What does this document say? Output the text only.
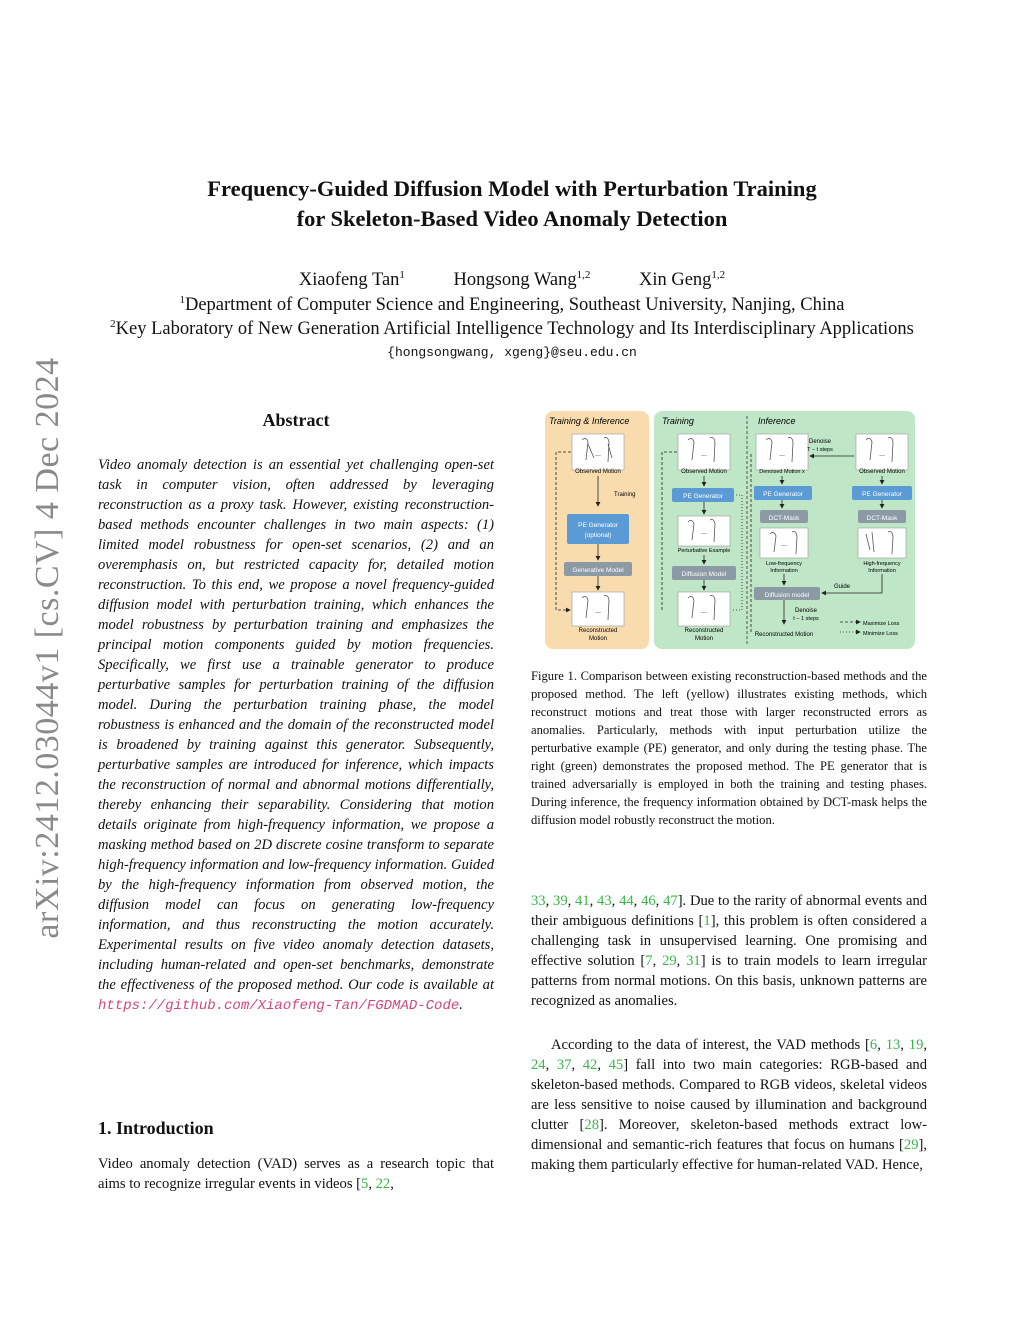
arXiv:2412.03044v1 [cs.CV] 4 Dec 2024
Frequency-Guided Diffusion Model with Perturbation Training
for Skeleton-Based Video Anomaly Detection
Xiaofeng Tan$^1$	Hongsong Wang$^{1,2}$	Xin Geng$^{1,2}$
$^1$Department of Computer Science and Engineering, Southeast University, Nanjing, China
$^2$Key Laboratory of New Generation Artificial Intelligence Technology and Its Interdisciplinary Applications
{hongsongwang, xgeng}@seu.edu.cn
Abstract

Video anomaly detection is an essential yet challenging open-set task in computer vision, often addressed by leveraging reconstruction as a proxy task. However, existing reconstruction-based methods encounter challenges in two main aspects: (1) limited model robustness for open-set scenarios, (2) and an overemphasis on, but restricted capacity for, detailed motion reconstruction. To this end, we propose a novel frequency-guided diffusion model with perturbation training, which enhances the model robustness by perturbation training and emphasizes the principal motion components guided by motion frequencies. Specifically, we first use a trainable generator to produce perturbative samples for perturbation training of the diffusion model. During the perturbation training phase, the model robustness is enhanced and the domain of the reconstructed model is broadened by training against this generator. Subsequently, perturbative samples are introduced for inference, which impacts the reconstruction of normal and abnormal motions differentially, thereby enhancing their separability. Considering that motion details originate from high-frequency information, we propose a masking method based on 2D discrete cosine transform to separate high-frequency information and low-frequency information. Guided by the high-frequency information from observed motion, the diffusion model can focus on generating low-frequency information, and thus reconstructing the motion accurately. Experimental results on five video anomaly detection datasets, including human-related and open-set benchmarks, demonstrate the effectiveness of the proposed method. Our code is available at https://github.com/Xiaofeng-Tan/FGDMAD-Code.

1. Introduction

Video anomaly detection (VAD) serves as a research topic that aims to recognize irregular events in videos [5, 22,

Training & Inference	Training	Inference
...
Observed Motion
Training
PE Generator
(optional)
Generative Model
...
Reconstructed
Motion
...
Observed Motion
PE Generator
...
Perturbative Example
Diffusion Model
...
Reconstructed
Motion
...
Denoised Motion x
Denoise
T − t steps
...
Observed Motion
PE Generator	PE Generator
DCT-Mask	DCT-Mask
...
Low-frequency
Information
High-frequency
Information
Diffusion model
Guide
Denoise
t − 1 steps
Reconstructed Motion
Maximize Loss
Minimize Loss

Figure 1. Comparison between existing reconstruction-based methods and the proposed method. The left (yellow) illustrates existing methods, which reconstruct motions and treat those with larger reconstructed errors as anomalies. Particularly, methods with input perturbation utilize the perturbative example (PE) generator, and only during the testing phase. The right (green) demonstrates the proposed method. The PE generator that is trained adversarially is employed in both the training and testing phases. During inference, the frequency information obtained by DCT-mask helps the diffusion model robustly reconstruct the motion.

33, 39, 41, 43, 44, 46, 47]. Due to the rarity of abnormal events and their ambiguous definitions [1], this problem is often considered a challenging task in unsupervised learning. One promising and effective solution [7, 29, 31] is to train models to learn irregular patterns from normal motions. On this basis, unknown patterns are recognized as anomalies.

According to the data of interest, the VAD methods [6, 13, 19, 24, 37, 42, 45] fall into two main categories: RGB-based and skeleton-based methods. Compared to RGB videos, skeletal videos are less sensitive to noise caused by illumination and background clutter [28]. Moreover, skeleton-based methods extract low-dimensional and semantic-rich features that focus on humans [29], making them particularly effective for human-related VAD. Hence,
